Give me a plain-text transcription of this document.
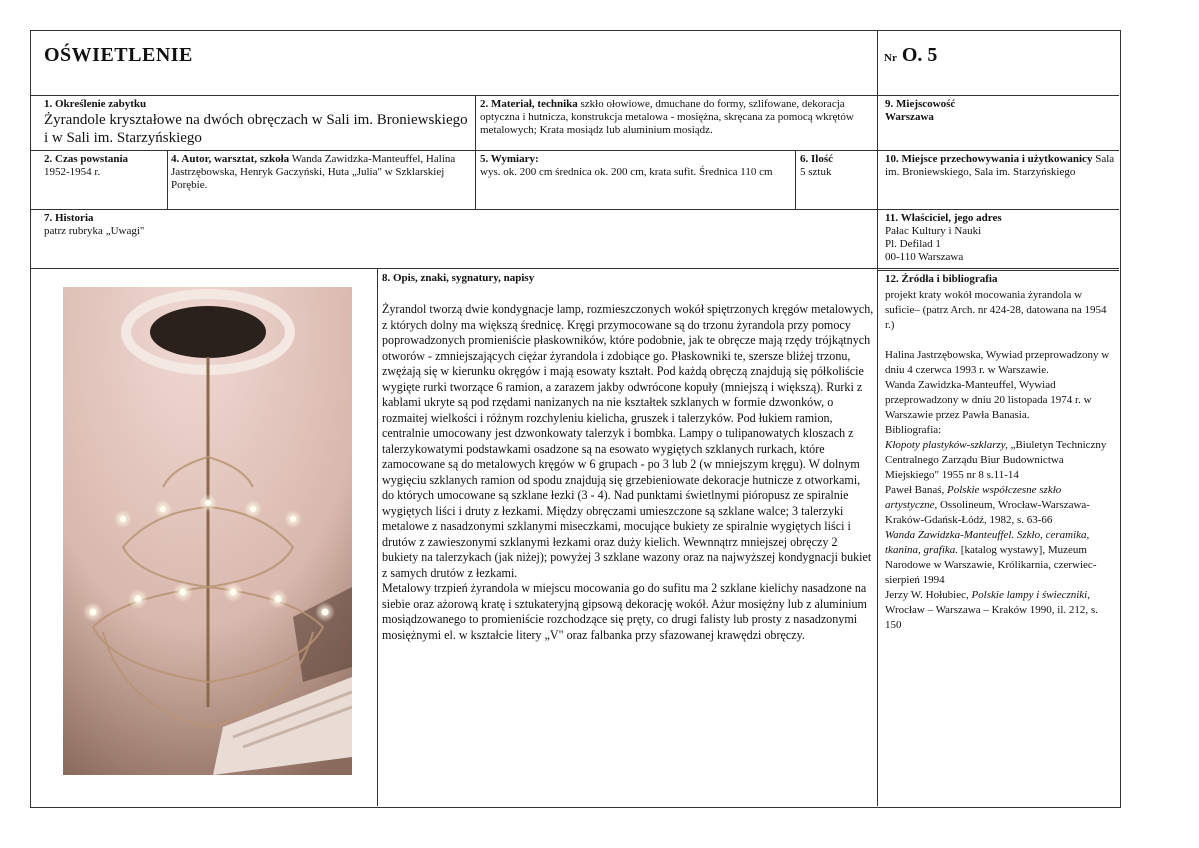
OŚWIETLENIE	Nr O. 5
1. Określenie zabytku
Żyrandole kryształowe na dwóch obręczach w Sali im. Broniewskiego i w Sali im. Starzyńskiego
2. Materiał, technika szkło ołowiowe, dmuchane do formy, szlifowane, dekoracja optyczna i hutnicza, konstrukcja metalowa - mosiężna, skręcana za pomocą wkrętów metalowych; Krata mosiądz lub aluminium mosiądz.
9. Miejscowość
Warszawa
2. Czas powstania
1952-1954 r.
4. Autor, warsztat, szkoła Wanda Zawidzka-Manteuffel, Halina Jastrzębowska, Henryk Gaczyński, Huta „Julia" w Szklarskiej Porębie.
5. Wymiary:
wys. ok. 200 cm średnica ok. 200 cm, krata sufit. Średnica 110 cm
6. Ilość
5 sztuk
10. Miejsce przechowywania i użytkowanicy Sala im. Broniewskiego, Sala im. Starzyńskiego
7. Historia
patrz rubryka „Uwagi"
11. Właściciel, jego adres
Pałac Kultury i Nauki
Pl. Defilad 1
00-110 Warszawa
8. Opis, znaki, sygnatury, napisy

Żyrandol tworzą dwie kondygnacje lamp, rozmieszczonych wokół spiętrzonych kręgów metalowych, z których dolny ma większą średnicę. Kręgi przymocowane są do trzonu żyrandola przy pomocy poprowadzonych promieniście płaskowników, które podobnie, jak te obręcze mają rzędy trójkątnych otworów - zmniejszających ciężar żyrandola i zdobiące go. Płaskowniki te, szersze bliżej trzonu, zwężają się w kierunku okręgów i mają esowaty kształt. Pod każdą obręczą znajdują się półkoliście wygięte rurki tworzące 6 ramion, a zarazem jakby odwrócone kopuły (mniejszą i większą). Rurki z kablami ukryte są pod rzędami nanizanych na nie kształtek szklanych w formie dzwonków, o rozmaitej wielkości i różnym rozchyleniu kielicha, gruszek i talerzyków. Pod łukiem ramion, centralnie umocowany jest dzwonkowaty talerzyk i bombka. Lampy o tulipanowatych kloszach z talerzykowatymi podstawkami osadzone są na esowato wygiętych szklanych rurkach, które zamocowane są do metalowych kręgów w 6 grupach - po 3 lub 2 (w mniejszym kręgu). W dolnym wygięciu szklanych ramion od spodu znajdują się grzebieniowate dekoracje hutnicze z otworkami, do których umocowane są szklane łezki (3 - 4). Nad punktami świetlnymi pióropusz ze spiralnie wygiętych liści i druty z łezkami. Między obręczami umieszczone są szklane walce; 3 talerzyki metalowe z nasadzonymi szklanymi miseczkami, mocujące bukiety ze spiralnie wygiętych liści i drutów z zawieszonymi szklanymi łezkami oraz duży kielich. Wewnnątrz mniejszej obręczy 2 bukiety na talerzykach (jak niżej); powyżej 3 szklane wazony oraz na najwyższej kondygnacji bukiet z samych drutów z łezkami.

Metalowy trzpień żyrandola w miejscu mocowania go do sufitu ma 2 szklane kielichy nasadzone na siebie oraz ażorową kratę i sztukateryjną gipsową dekorację wokół. Ażur mosiężny lub z aluminium mosiądzowanego to promieniście rozchodzące się pręty, co drugi falisty lub prosty z nasadzonymi mosiężnymi el. w kształcie litery „V" oraz falbanka przy sfazowanej krawędzi obręczy.

12. Źródła i bibliografia
projekt kraty wokół mocowania żyrandola w suficie– (patrz Arch. nr 424-28, datowana na 1954 r.)
Halina Jastrzębowska, Wywiad przeprowadzony w dniu 4 czerwca 1993 r. w Warszawie.
Wanda Zawidzka-Manteuffel, Wywiad przeprowadzony w dniu 20 listopada 1974 r. w Warszawie przez Pawła Banasia.
Bibliografia:
Kłopoty plastyków-szklarzy, „Biuletyn Techniczny Centralnego Zarządu Biur Budownictwa Miejskiego" 1955 nr 8 s.11-14
Paweł Banaś, Polskie współczesne szkło artystyczne, Ossolineum, Wrocław-Warszawa-Kraków-Gdańsk-Łódź, 1982, s. 63-66
Wanda Zawidzka-Manteuffel. Szkło, ceramika, tkanina, grafika. [katalog wystawy], Muzeum Narodowe w Warszawie, Królikarnia, czerwiec-sierpień 1994
Jerzy W. Hołubiec, Polskie lampy i świeczniki, Wrocław – Warszawa – Kraków 1990, il. 212, s. 150
